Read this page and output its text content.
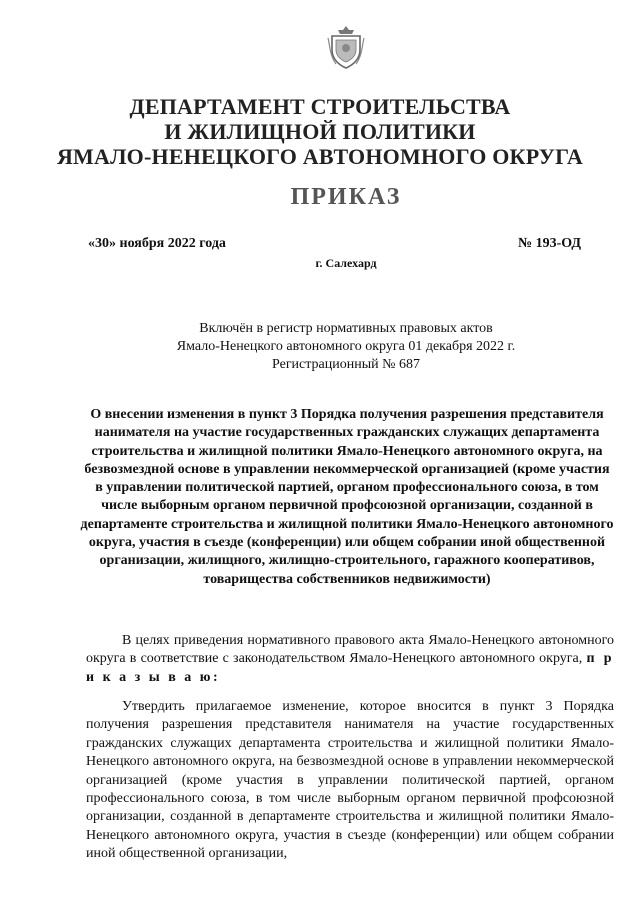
ДЕПАРТАМЕНТ СТРОИТЕЛЬСТВА
И ЖИЛИЩНОЙ ПОЛИТИКИ
ЯМАЛО-НЕНЕЦКОГО АВТОНОМНОГО ОКРУГА
ПРИКАЗ
«30» ноября 2022 года	№ 193-ОД
г. Салехард
Включён в регистр нормативных правовых актов
Ямало-Ненецкого автономного округа 01 декабря 2022 г.
Регистрационный № 687
О внесении изменения в пункт 3 Порядка получения разрешения представителя нанимателя на участие государственных гражданских служащих департамента строительства и жилищной политики Ямало-Ненецкого автономного округа, на безвозмездной основе в управлении некоммерческой организацией (кроме участия в управлении политической партией, органом профессионального союза, в том числе выборным органом первичной профсоюзной организации, созданной в департаменте строительства и жилищной политики Ямало-Ненецкого автономного округа, участия в съезде (конференции) или общем собрании иной общественной организации, жилищного, жилищно-строительного, гаражного кооперативов, товарищества собственников недвижимости)
В целях приведения нормативного правового акта Ямало-Ненецкого автономного округа в соответствие с законодательством Ямало-Ненецкого автономного округа, п р и к а з ы в а ю:
Утвердить прилагаемое изменение, которое вносится в пункт 3 Порядка получения разрешения представителя нанимателя на участие государственных гражданских служащих департамента строительства и жилищной политики Ямало-Ненецкого автономного округа, на безвозмездной основе в управлении некоммерческой организацией (кроме участия в управлении политической партией, органом профессионального союза, в том числе выборным органом первичной профсоюзной организации, созданной в департаменте строительства и жилищной политики Ямало-Ненецкого автономного округа, участия в съезде (конференции) или общем собрании иной общественной организации,
